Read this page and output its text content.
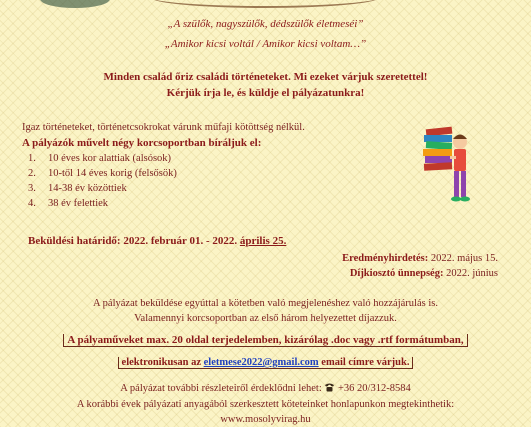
„A szülők, nagyszülők, dédszülők életmeséi”
„Amikor kicsi voltál / Amikor kicsi voltam…”
Minden család őriz családi történeteket. Mi ezeket várjuk szeretettel!
Kérjük írja le, és küldje el pályázatunkra!
Igaz történeteket, történetcsokrokat várunk műfaji kötöttség nélkül.
A pályázók művelt négy korcsoportban bíráljuk el:
1. 10 éves kor alattiak (alsósok)
2. 10-től 14 éves korig (felsősök)
3. 14-38 év közöttiek
4. 38 év felettiek
Beküldési határidő: 2022. február 01. - 2022. április 25.
Eredményhirdetés: 2022. május 15.
Díjkiosztó ünnepség: 2022. június
A pályázat beküldése egyúttal a kötetben való megjelenéshez való hozzájárulás is.
Valamennyi korcsoportban az első három helyezettet díjazzuk.
A pályaműveket max. 20 oldal terjedelemben, kizárólag .doc vagy .rtf formátumban,
elektronikusan az eletmese2022@gmail.com email címre várjuk.
A pályázat további részleteiről érdeklődni lehet: +36 20/312-8584
A korábbi évek pályázati anyagából szerkesztett köteteinket honlapunkon megtekinthetik:
www.mosolyvirag.hu
